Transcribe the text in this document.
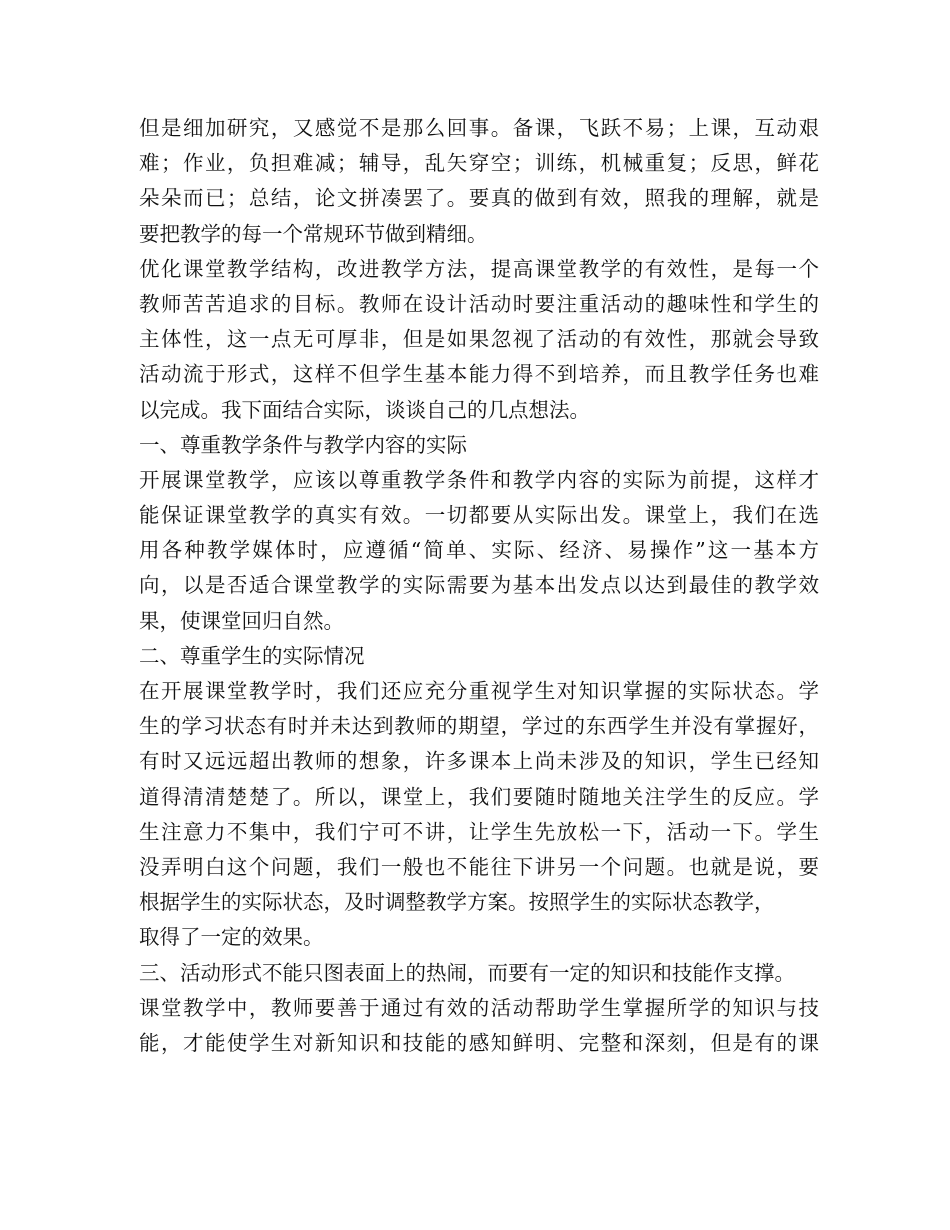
但是细加研究，又感觉不是那么回事。备课，飞跃不易；上课，互动艰
难；作业，负担难减；辅导，乱矢穿空；训练，机械重复；反思，鲜花
朵朵而已；总结，论文拼凑罢了。要真的做到有效，照我的理解，就是
要把教学的每一个常规环节做到精细。
优化课堂教学结构，改进教学方法，提高课堂教学的有效性，是每一个
教师苦苦追求的目标。教师在设计活动时要注重活动的趣味性和学生的
主体性，这一点无可厚非，但是如果忽视了活动的有效性，那就会导致
活动流于形式，这样不但学生基本能力得不到培养，而且教学任务也难
以完成。我下面结合实际，谈谈自己的几点想法。
一、尊重教学条件与教学内容的实际
开展课堂教学，应该以尊重教学条件和教学内容的实际为前提，这样才
能保证课堂教学的真实有效。一切都要从实际出发。课堂上，我们在选
用各种教学媒体时，应遵循“简单、实际、经济、易操作”这一基本方
向，以是否适合课堂教学的实际需要为基本出发点以达到最佳的教学效
果，使课堂回归自然。
二、尊重学生的实际情况
在开展课堂教学时，我们还应充分重视学生对知识掌握的实际状态。学
生的学习状态有时并未达到教师的期望，学过的东西学生并没有掌握好，
有时又远远超出教师的想象，许多课本上尚未涉及的知识，学生已经知
道得清清楚楚了。所以，课堂上，我们要随时随地关注学生的反应。学
生注意力不集中，我们宁可不讲，让学生先放松一下，活动一下。学生
没弄明白这个问题，我们一般也不能往下讲另一个问题。也就是说，要
根据学生的实际状态，及时调整教学方案。按照学生的实际状态教学，
取得了一定的效果。
三、活动形式不能只图表面上的热闹，而要有一定的知识和技能作支撑。
课堂教学中，教师要善于通过有效的活动帮助学生掌握所学的知识与技
能，才能使学生对新知识和技能的感知鲜明、完整和深刻，但是有的课
